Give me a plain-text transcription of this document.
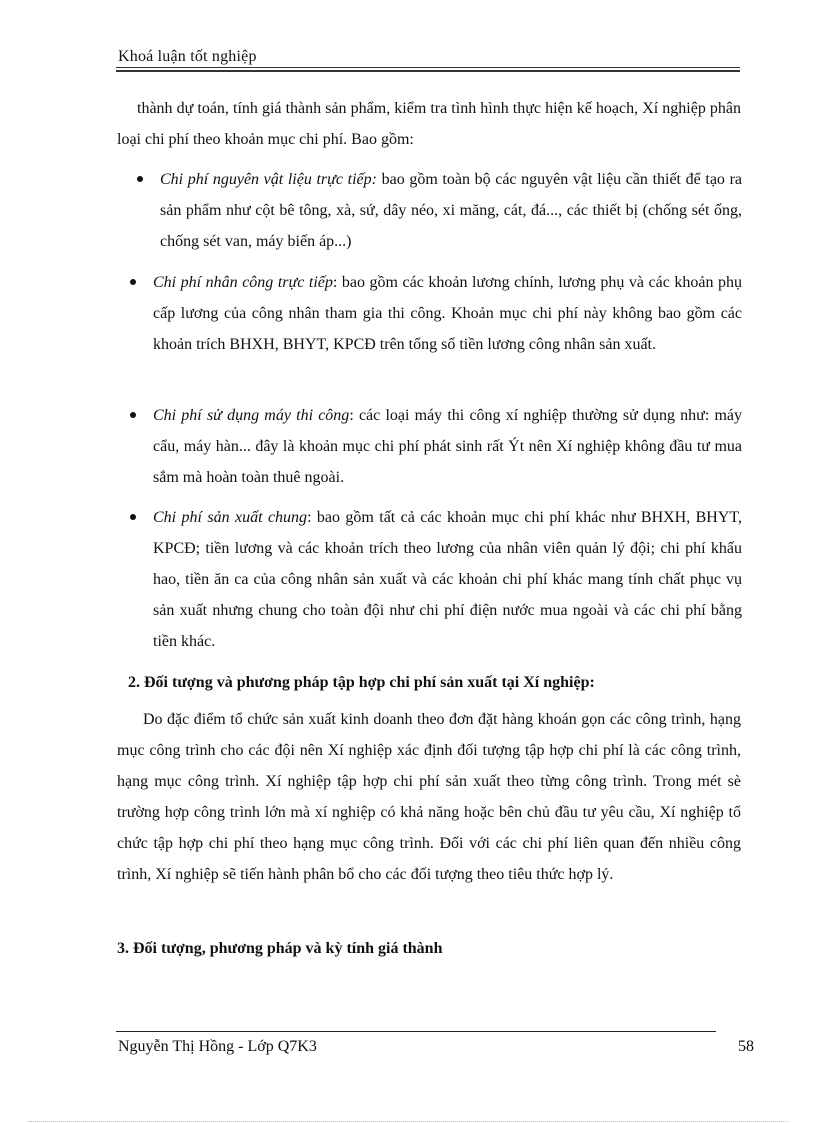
Khoá luận tốt nghiệp
thành dự toán, tính giá thành sản phẩm, kiểm tra tình hình thực hiện kế hoạch, Xí nghiệp phân loại chi phí theo khoản mục chi phí. Bao gồm:
Chi phí nguyên vật liệu trực tiếp: bao gồm toàn bộ các nguyên vật liệu cần thiết để tạo ra sản phẩm như cột bê tông, xà, sứ, dây néo, xi măng, cát, đá..., các thiết bị (chống sét ống, chống sét van, máy biến áp...)
Chi phí nhân công trực tiếp: bao gồm các khoản lương chính, lương phụ và các khoản phụ cấp lương của công nhân tham gia thi công. Khoản mục chi phí này không bao gồm các khoản trích BHXH, BHYT, KPCĐ trên tổng số tiền lương công nhân sản xuất.
Chi phí sử dụng máy thi công: các loại máy thi công xí nghiệp thường sử dụng như: máy cẩu, máy hàn... đây là khoản mục chi phí phát sinh rất Ýt nên Xí nghiệp không đầu tư mua sắm mà hoàn toàn thuê ngoài.
Chi phí sản xuất chung: bao gồm tất cả các khoản mục chi phí khác như BHXH, BHYT, KPCĐ; tiền lương và các khoản trích theo lương của nhân viên quản lý đội; chi phí khấu hao, tiền ăn ca của công nhân sản xuất và các khoản chi phí khác mang tính chất phục vụ sản xuất nhưng chung cho toàn đội như chi phí điện nước mua ngoài và các chi phí bằng tiền khác.
2. Đối tượng và phương pháp tập hợp chi phí sản xuất tại Xí nghiệp:
Do đặc điểm tổ chức sản xuất kinh doanh theo đơn đặt hàng khoán gọn các công trình, hạng mục công trình cho các đội nên Xí nghiệp xác định đối tượng tập hợp chi phí là các công trình, hạng mục công trình. Xí nghiệp tập hợp chi phí sản xuất theo từng công trình. Trong mét sè trường hợp công trình lớn mà xí nghiệp có khả năng hoặc bên chủ đầu tư yêu cầu, Xí nghiệp tổ chức tập hợp chi phí theo hạng mục công trình. Đối với các chi phí liên quan đến nhiều công trình, Xí nghiệp sẽ tiến hành phân bổ cho các đối tượng theo tiêu thức hợp lý.
3. Đối tượng, phương pháp và kỳ tính giá thành
Nguyễn Thị Hồng - Lớp Q7K3	58
